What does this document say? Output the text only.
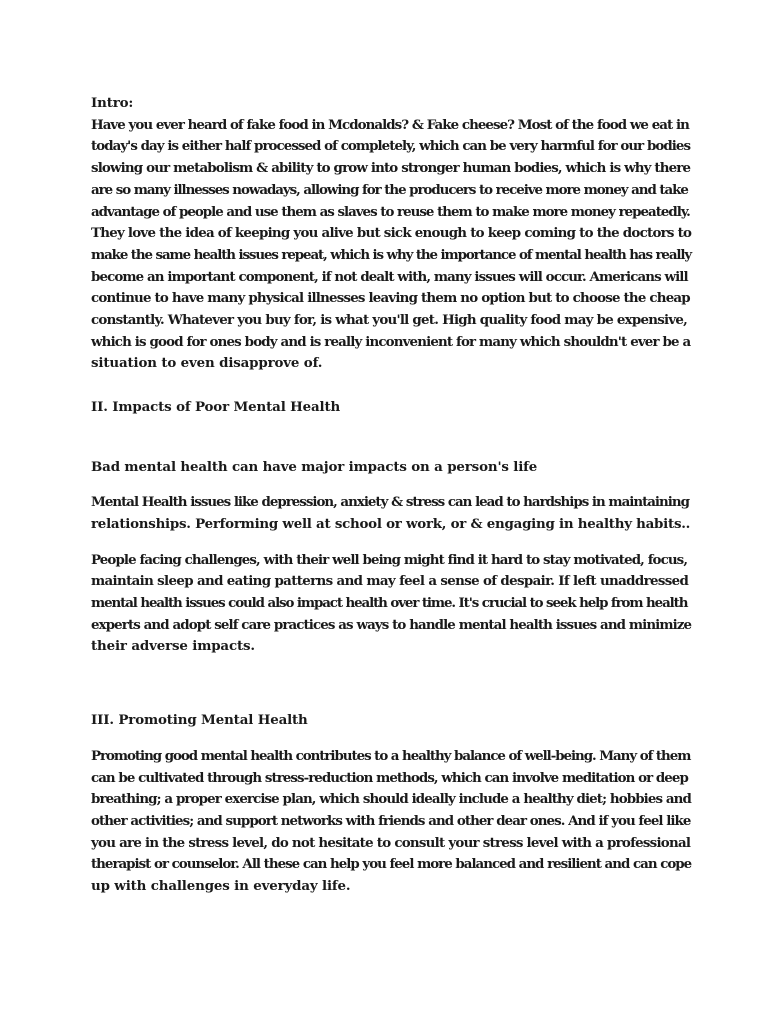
Intro:
Have you ever heard of fake food in Mcdonalds? & Fake cheese? Most of the food we eat in
today's day is either half processed of completely, which can be very harmful for our bodies
slowing our metabolism & ability to grow into stronger human bodies, which is why there
are so many illnesses nowadays, allowing for the producers to receive more money and take
advantage of people and use them as slaves to reuse them to make more money repeatedly.
They love the idea of keeping you alive but sick enough to keep coming to the doctors to
make the same health issues repeat, which is why the importance of mental health has really
become an important component, if not dealt with, many issues will occur. Americans will
continue to have many physical illnesses leaving them no option but to choose the cheap
constantly. Whatever you buy for, is what you'll get. High quality food may be expensive,
which is good for ones body and is really inconvenient for many which shouldn't ever be a
situation to even disapprove of.
II. Impacts of Poor Mental Health
Bad mental health can have major impacts on a person's life
Mental Health issues like depression, anxiety & stress can lead to hardships in maintaining
relationships. Performing well at school or work, or & engaging in healthy habits..
People facing challenges, with their well being might find it hard to stay motivated, focus,
maintain sleep and eating patterns and may feel a sense of despair. If left unaddressed
mental health issues could also impact health over time. It's crucial to seek help from health
experts and adopt self care practices as ways to handle mental health issues and minimize
their adverse impacts.
III. Promoting Mental Health
Promoting good mental health contributes to a healthy balance of well-being. Many of them
can be cultivated through stress-reduction methods, which can involve meditation or deep
breathing; a proper exercise plan, which should ideally include a healthy diet; hobbies and
other activities; and support networks with friends and other dear ones. And if you feel like
you are in the stress level, do not hesitate to consult your stress level with a professional
therapist or counselor. All these can help you feel more balanced and resilient and can cope
up with challenges in everyday life.
